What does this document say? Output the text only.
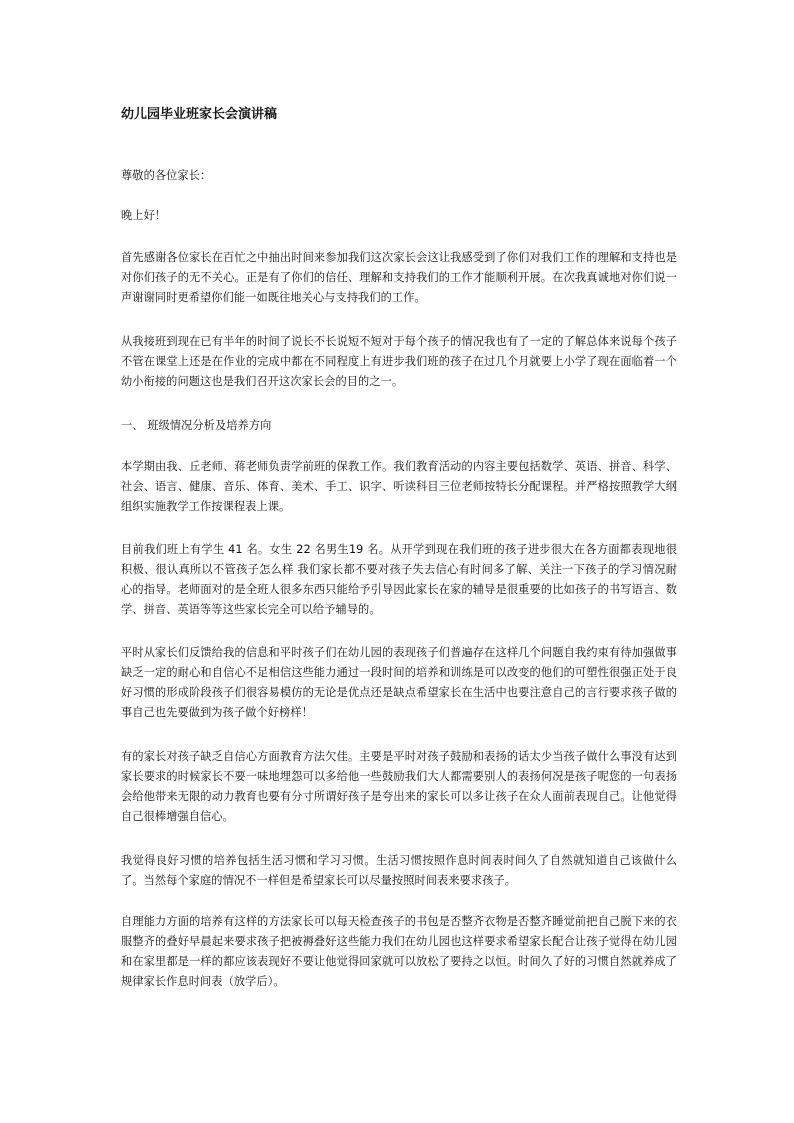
幼儿园毕业班家长会演讲稿

尊敬的各位家长：

晚上好！

首先感谢各位家长在百忙之中抽出时间来参加我们这次家长会这让我感受到了你们对我们工作的理解和支持也是对你们孩子的无不关心。正是有了你们的信任、理解和支持我们的工作才能顺利开展。在次我真诚地对你们说一声谢谢同时更希望你们能一如既往地关心与支持我们的工作。

从我接班到现在已有半年的时间了说长不长说短不短对于每个孩子的情况我也有了一定的了解总体来说每个孩子不管在课堂上还是在作业的完成中都在不同程度上有进步我们班的孩子在过几个月就要上小学了现在面临着一个幼小衔接的问题这也是我们召开这次家长会的目的之一。

一、 班级情况分析及培养方向

本学期由我、丘老师、蒋老师负责学前班的保教工作。我们教育活动的内容主要包括数学、英语、拼音、科学、社会、语言、健康、音乐、体育、美术、手工、识字、听读科目三位老师按特长分配课程。并严格按照教学大纲组织实施教学工作按课程表上课。

目前我们班上有学生 41 名。女生 22 名男生19 名。从开学到现在我们班的孩子进步很大在各方面都表现地很积极、很认真所以不管孩子怎么样 我们家长都不要对孩子失去信心有时间多了解、关注一下孩子的学习情况耐心的指导。老师面对的是全班人很多东西只能给予引导因此家长在家的辅导是很重要的比如孩子的书写语言、数学、拼音、英语等等这些家长完全可以给予辅导的。

平时从家长们反馈给我的信息和平时孩子们在幼儿园的表现孩子们普遍存在这样几个问题自我约束有待加强做事缺乏一定的耐心和自信心不足相信这些能力通过一段时间的培养和训练是可以改变的他们的可塑性很强正处于良好习惯的形成阶段孩子们很容易模仿的无论是优点还是缺点希望家长在生活中也要注意自己的言行要求孩子做的事自己也先要做到为孩子做个好榜样！

有的家长对孩子缺乏自信心方面教育方法欠佳。主要是平时对孩子鼓励和表扬的话太少当孩子做什么事没有达到家长要求的时候家长不要一味地埋怨可以多给他一些鼓励我们大人都需要别人的表扬何况是孩子呢您的一句表扬会给他带来无限的动力教育也要有分寸所谓好孩子是夸出来的家长可以多让孩子在众人面前表现自己。让他觉得自己很棒增强自信心。

我觉得良好习惯的培养包括生活习惯和学习习惯。生活习惯按照作息时间表时间久了自然就知道自己该做什么了。当然每个家庭的情况不一样但是希望家长可以尽量按照时间表来要求孩子。

自理能力方面的培养有这样的方法家长可以每天检查孩子的书包是否整齐衣物是否整齐睡觉前把自己脱下来的衣服整齐的叠好早晨起来要求孩子把被褥叠好这些能力我们在幼儿园也这样要求希望家长配合让孩子觉得在幼儿园和在家里都是一样的都应该表现好不要让他觉得回家就可以放松了要持之以恒。时间久了好的习惯自然就养成了规律家长作息时间表（放学后）。
